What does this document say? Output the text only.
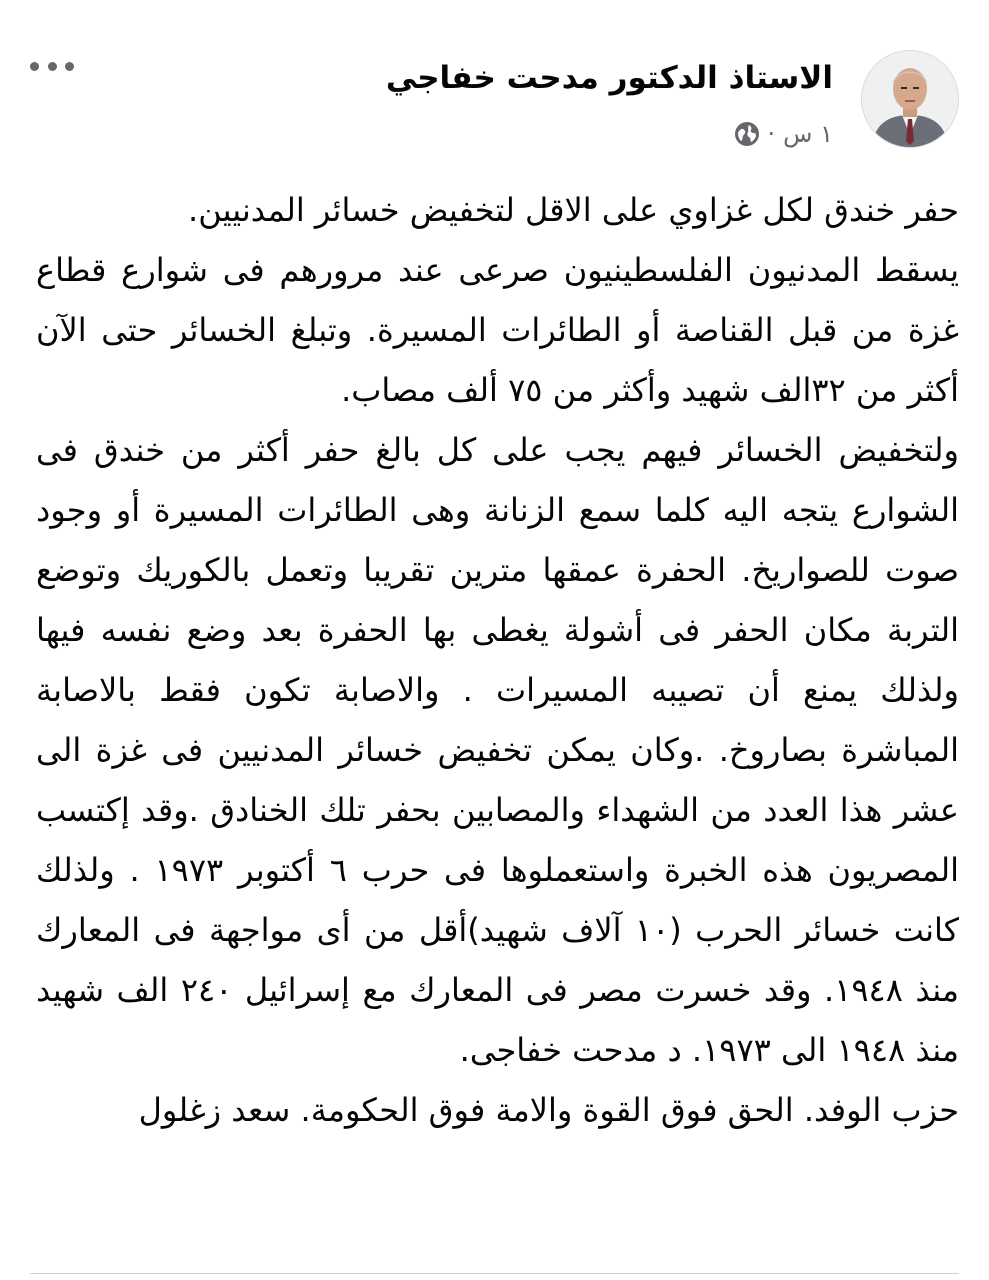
الاستاذ الدكتور مدحت خفاجي
١ س
·

حفر خندق لكل غزاوي على الاقل لتخفيض خسائر المدنيين.

يسقط المدنيون الفلسطينيون صرعى عند مرورهم فى شوارع قطاع غزة من قبل القناصة أو الطائرات المسيرة. وتبلغ الخسائر حتى الآن أكثر من ٣٢الف شهيد وأكثر من ٧٥ ألف مصاب.

ولتخفيض الخسائر فيهم يجب على كل بالغ حفر أكثر من خندق فى الشوارع يتجه اليه كلما سمع الزنانة وهى الطائرات المسيرة أو وجود صوت للصواريخ. الحفرة عمقها مترين تقريبا وتعمل بالكوريك وتوضع التربة مكان الحفر فى أشولة يغطى بها الحفرة بعد وضع نفسه فيها ولذلك يمنع أن تصيبه المسيرات . والاصابة تكون فقط بالاصابة المباشرة بصاروخ. .وكان يمكن تخفيض خسائر المدنيين فى غزة الى عشر هذا العدد من الشهداء والمصابين بحفر تلك الخنادق .وقد إكتسب المصريون هذه الخبرة واستعملوها فى حرب ٦ أكتوبر ١٩٧٣ . ولذلك كانت خسائر الحرب (١٠ آلاف شهيد)أقل من أى مواجهة فى المعارك منذ ١٩٤٨. وقد خسرت مصر فى المعارك مع إسرائيل ٢٤٠ الف شهيد منذ ١٩٤٨ الى ١٩٧٣. د مدحت خفاجى.

حزب الوفد. الحق فوق القوة والامة فوق الحكومة. سعد زغلول
